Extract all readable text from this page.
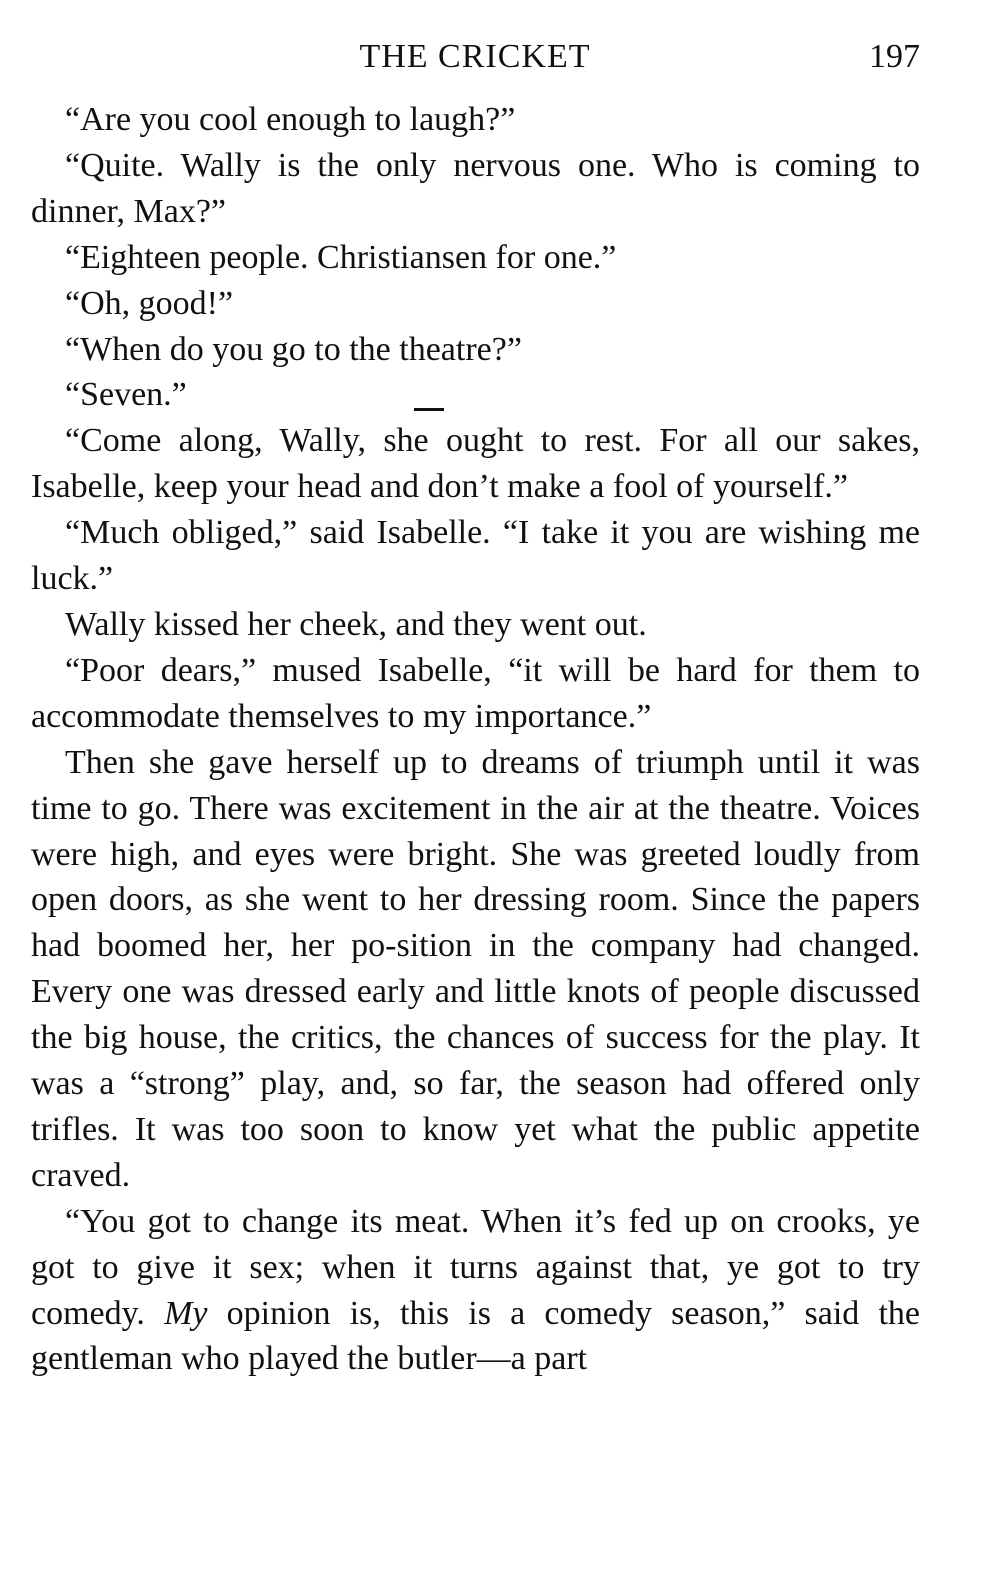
THE CRICKET	197

“Are you cool enough to laugh?”

“Quite. Wally is the only nervous one. Who is coming to dinner, Max?”

“Eighteen people. Christiansen for one.”

“Oh, good!”

“When do you go to the theatre?”

“Seven.”

“Come along, Wally, she ought to rest. For all our sakes, Isabelle, keep your head and don’t make a fool of yourself.”

“Much obliged,” said Isabelle. “I take it you are wishing me luck.”

Wally kissed her cheek, and they went out.

“Poor dears,” mused Isabelle, “it will be hard for them to accommodate themselves to my importance.”

Then she gave herself up to dreams of triumph until it was time to go. There was excitement in the air at the theatre. Voices were high, and eyes were bright. She was greeted loudly from open doors, as she went to her dressing room. Since the papers had boomed her, her po-sition in the company had changed. Every one was dressed early and little knots of people discussed the big house, the critics, the chances of success for the play. It was a “strong” play, and, so far, the season had offered only trifles. It was too soon to know yet what the public appetite craved.

“You got to change its meat. When it’s fed up on crooks, ye got to give it sex; when it turns against that, ye got to try comedy. My opinion is, this is a comedy season,” said the gentleman who played the butler—a part
